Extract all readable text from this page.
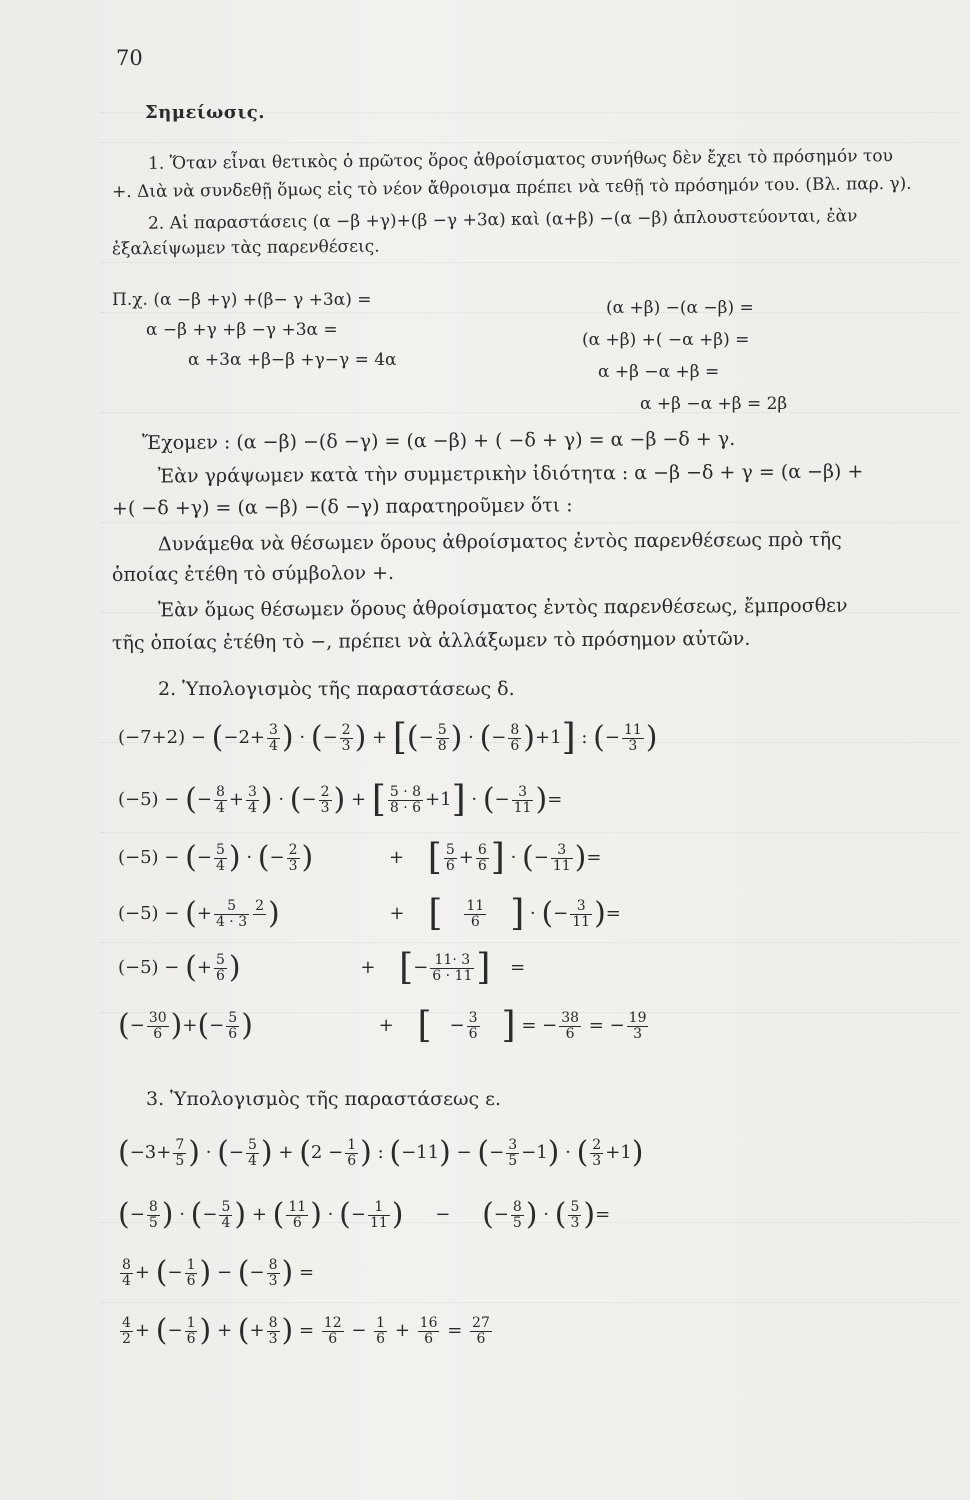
70
Σημείωσις.
1. Ὅταν εἶναι θετικὸς ὁ πρῶτος ὅρος ἀθροίσματος συνήθως δὲν ἔχει τὸ πρόσημόν του
+. Διὰ νὰ συνδεθῇ ὅμως εἰς τὸ νέον ἄθροισμα πρέπει νὰ τεθῇ τὸ πρόσημόν του. (Βλ. παρ. γ).
2. Αἱ παραστάσεις (α −β +γ)+(β −γ +3α) καὶ (α+β) −(α −β) ἁπλουστεύονται, ἐὰν
ἐξαλείψωμεν τὰς παρενθέσεις.
Π.χ. (α −β +γ) +(β− γ +3α) =
α −β +γ +β −γ +3α =
α +3α +β−β +γ−γ = 4α
(α +β) −(α −β) =
(α +β) +( −α +β) =
α +β −α +β =
α +β −α +β = 2β
Ἔχομεν : (α −β) −(δ −γ) = (α −β) + ( −δ + γ) = α −β −δ + γ.
Ἐὰν γράψωμεν κατὰ τὴν συμμετρικὴν ἰδιότητα : α −β −δ + γ = (α −β) +
+( −δ +γ) = (α −β) −(δ −γ) παρατηροῦμεν ὅτι :
Δυνάμεθα νὰ θέσωμεν ὅρους ἀθροίσματος ἐντὸς παρενθέσεως πρὸ τῆς
ὁποίας ἐτέθη τὸ σύμβολον +.
Ἐὰν ὅμως θέσωμεν ὅρους ἀθροίσματος ἐντὸς παρενθέσεως, ἔμπροσθεν
τῆς ὁποίας ἐτέθη τὸ −, πρέπει νὰ ἀλλάξωμεν τὸ πρόσημον αὐτῶν.
2. Ὑπολογισμὸς τῆς παραστάσεως δ.
$(-7+2) - (-2+ \frac{3}{4}$ ) · (− $\frac{2}{3}$ ) + [(− $\frac{5}{8}$ ) · (− $\frac{8}{6} )+1$] : (− $\frac{11}{3}$ )
(−5) − (− $\frac{8}{4} + \frac{3}{4}$ ) · (− $\frac{2}{3}$ ) + [ $\frac{5 \cdot 8}{8 \cdot 6} +1$] · (− $\frac{3}{11}$ )=
(−5) − (− $\frac{5}{4}$ ) · (− $\frac{2}{3}$ )	+ [ $\frac{5}{6} + \frac{6}{6}$ ] · (− $\frac{3}{11}$ )=
(−5) − (+ $\frac{5}{4 \cdot 3} 2$
)	+ [ $\frac{11}{6}$ ] · (− $\frac{3}{11}$ )=
(−5) − (+ $\frac{5}{6}$ )	+ [− $\frac{11\cdot 3}{6 \cdot 11}$ ] =
(− $\frac{30}{6}$ )+(− $\frac{5}{6}$ )	+ [ − $\frac{3}{6}$ ] = − $\frac{38}{6}$ = − $\frac{19}{3}$
3. Ὑπολογισμὸς τῆς παραστάσεως ε.
($-3+ \frac{7}{5}$ ) · (− $\frac{5}{4}$ ) + ($2 - \frac{1}{6}$ ) : (−11) − (− $\frac{3}{5} -1$) · ( $\frac{2}{3} +1$)
(− $\frac{8}{5}$ ) · (− $\frac{5}{4}$ ) + ( $\frac{11}{6}$ ) · (− $\frac{1}{11}$ ) − (− $\frac{8}{5}$ ) · ( $\frac{5}{3}$ )=
$\frac{8}{4}$ + (− $\frac{1}{6}$ ) − (− $\frac{8}{3}$ ) =
$\frac{4}{2}$ + (− $\frac{1}{6}$ ) + (+ $\frac{8}{3}$ ) = $\frac{12}{6} - \frac{1}{6} + \frac{16}{6} = \frac{27}{6}$
